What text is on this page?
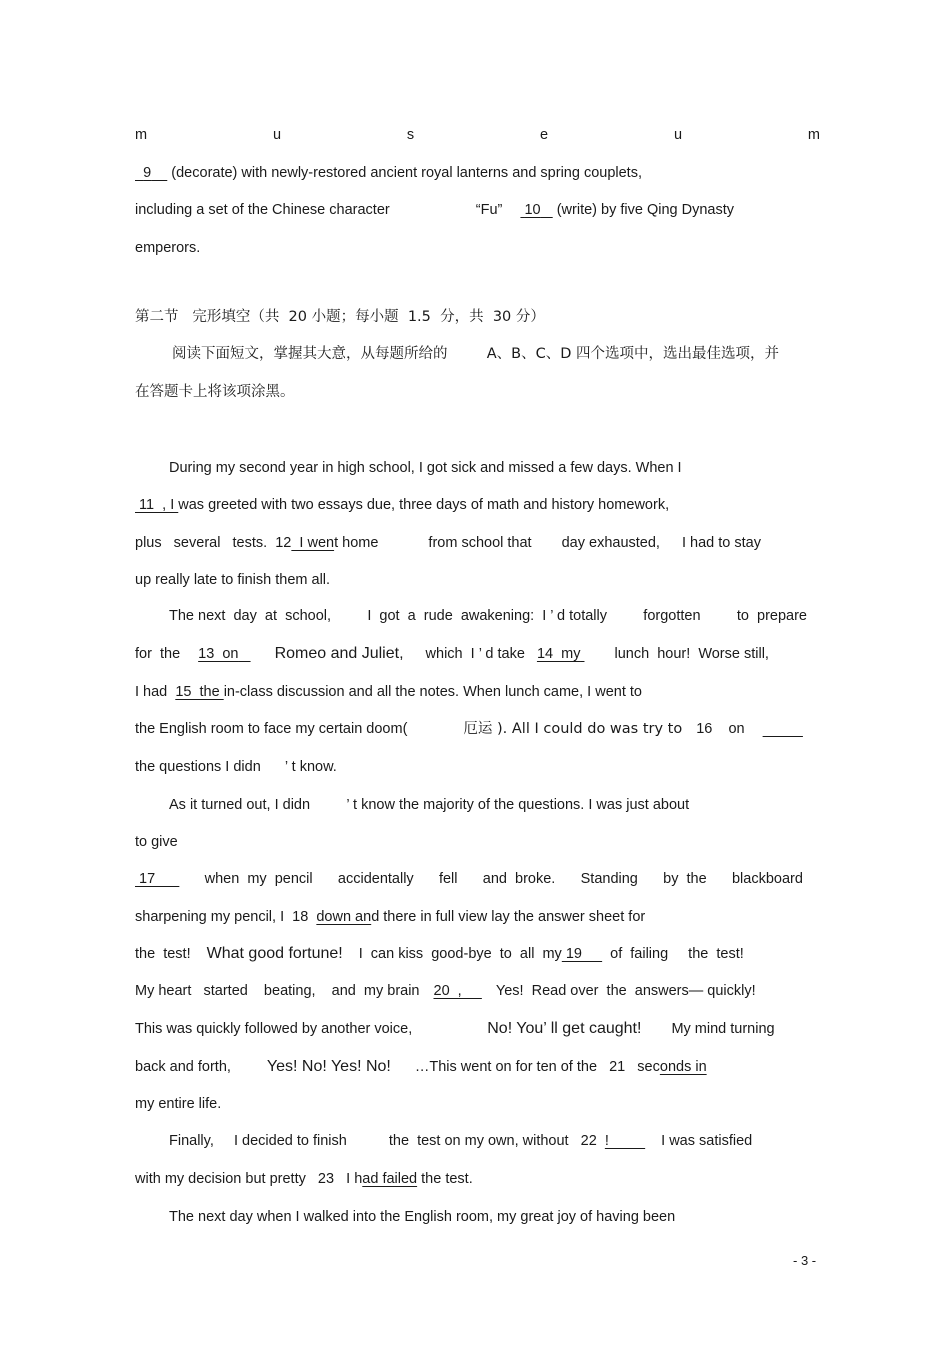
m	u	s	e	u	m
9     (decorate) with newly-restored ancient royal lanterns and spring couplets,
including a set of the Chinese character	“Fu” 10    (write) by five Qing Dynasty
emperors.
第二节   完形填空（共  20 小题；每小题  1.5  分，共  30 分）
阅读下面短文，掌握其大意，从每题所给的	A、B、C、D 四个选项中，选出最佳选项，并
在答题卡上将该项涂黑。
During my second year in high school, I got sick and missed a few days. When I
11  , I was greeted with two essays due, three days of math and history homework,
plus   several   tests.  12  I went home	from school that day exhausted, I had to stay
up really late to finish them all.
The next  day  at  school,	I  got  a  rude  awakening:  I ’ d totally	forgotten	to  prepare
for  the 13  on Romeo and Juliet, which  I ’ d take 14  my lunch  hour!  Worse still,
I had  15  the in-class discussion and all the notes. When lunch came, I went to
the English room to face my certain doom(	厄运 ). All I could do was try to 16    on
the questions I didn      ’ t know.
As it turned out, I didn         ’ t know the majority of the questions. I was just about
to give
17 when  my  pencil accidentally fell and  broke. Standing by  the blackboard
sharpening my pencil, I  18  down and there in full view lay the answer sheet for
the  test! What good fortune! I  can kiss  good-bye  to  all  my 19     of  failing the  test!
My heart   started    beating,    and  my brain 20  ,     Yes!  Read over  the  answers— quickly!
This was quickly followed by another voice,	No! You’ ll get caught! My mind turning
back and forth, Yes! No! Yes! No! …This went on for ten of the   21   seconds in
my entire life.
Finally,     I decided to finish	the  test on my own, without   22  !         I was satisfied
with my decision but pretty   23   I had failed the test.
The next day when I walked into the English room, my great joy of having been
- 3 -
